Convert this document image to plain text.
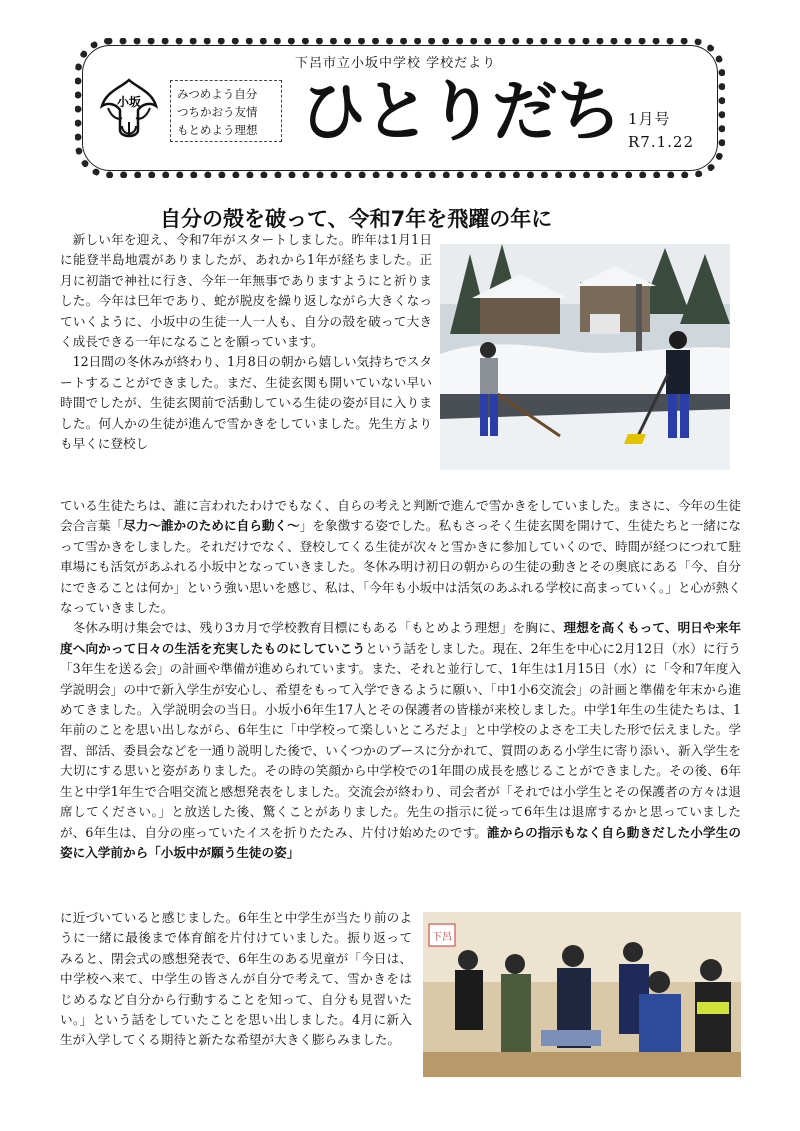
下呂市立小坂中学校 学校だより
小坂
みつめよう自分
つちかおう友情
もとめよう理想 ひとりだち 1月号
R7.1.22
自分の殻を破って、令和7年を飛躍の年に

新しい年を迎え、令和7年がスタートしました。昨年は1月1日に能登半島地震がありましたが、あれから1年が経ちました。正月に初詣で神社に行き、今年一年無事でありますようにと祈りました。今年は巳年であり、蛇が脱皮を繰り返しながら大きくなっていくように、小坂中の生徒一人一人も、自分の殻を破って大きく成長できる一年になることを願っています。

12日間の冬休みが終わり、1月8日の朝から嬉しい気持ちでスタートすることができました。まだ、生徒玄関も開いていない早い時間でしたが、生徒玄関前で活動している生徒の姿が目に入りました。何人かの生徒が進んで雪かきをしていました。先生方よりも早くに登校し

ている生徒たちは、誰に言われたわけでもなく、自らの考えと判断で進んで雪かきをしていました。まさに、今年の生徒会合言葉「尽力～誰かのために自ら動く～」を象徴する姿でした。私もさっそく生徒玄関を開けて、生徒たちと一緒になって雪かきをしました。それだけでなく、登校してくる生徒が次々と雪かきに参加していくので、時間が経つにつれて駐車場にも活気があふれる小坂中となっていきました。冬休み明け初日の朝からの生徒の動きとその奥底にある「今、自分にできることは何か」という強い思いを感じ、私は、「今年も小坂中は活気のあふれる学校に高まっていく。」と心が熱くなっていきました。

冬休み明け集会では、残り3カ月で学校教育目標にもある「もとめよう理想」を胸に、理想を高くもって、明日や来年度へ向かって日々の生活を充実したものにしていこうという話をしました。現在、2年生を中心に2月12日（水）に行う「3年生を送る会」の計画や準備が進められています。また、それと並行して、1年生は1月15日（水）に「令和7年度入学説明会」の中で新入学生が安心し、希望をもって入学できるように願い、「中1小6交流会」の計画と準備を年末から進めてきました。入学説明会の当日。小坂小6年生17人とその保護者の皆様が来校しました。中学1年生の生徒たちは、1年前のことを思い出しながら、6年生に「中学校って楽しいところだよ」と中学校のよさを工夫した形で伝えました。学習、部活、委員会などを一通り説明した後で、いくつかのブースに分かれて、質問のある小学生に寄り添い、新入学生を大切にする思いと姿がありました。その時の笑顔から中学校での1年間の成長を感じることができました。その後、6年生と中学1年生で合唱交流と感想発表をしました。交流会が終わり、司会者が「それでは小学生とその保護者の方々は退席してください。」と放送した後、驚くことがありました。先生の指示に従って6年生は退席するかと思っていましたが、6年生は、自分の座っていたイスを折りたたみ、片付け始めたのです。誰からの指示もなく自ら動きだした小学生の姿に入学前から「小坂中が願う生徒の姿」

に近づいていると感じました。6年生と中学生が当たり前のように一緒に最後まで体育館を片付けていました。振り返ってみると、閉会式の感想発表で、6年生のある児童が「今日は、中学校へ来て、中学生の皆さんが自分で考えて、雪かきをはじめるなど自分から行動することを知って、自分も見習いたい。」という話をしていたことを思い出しました。4月に新入生が入学してくる期待と新たな希望が大きく膨らみました。

下呂
